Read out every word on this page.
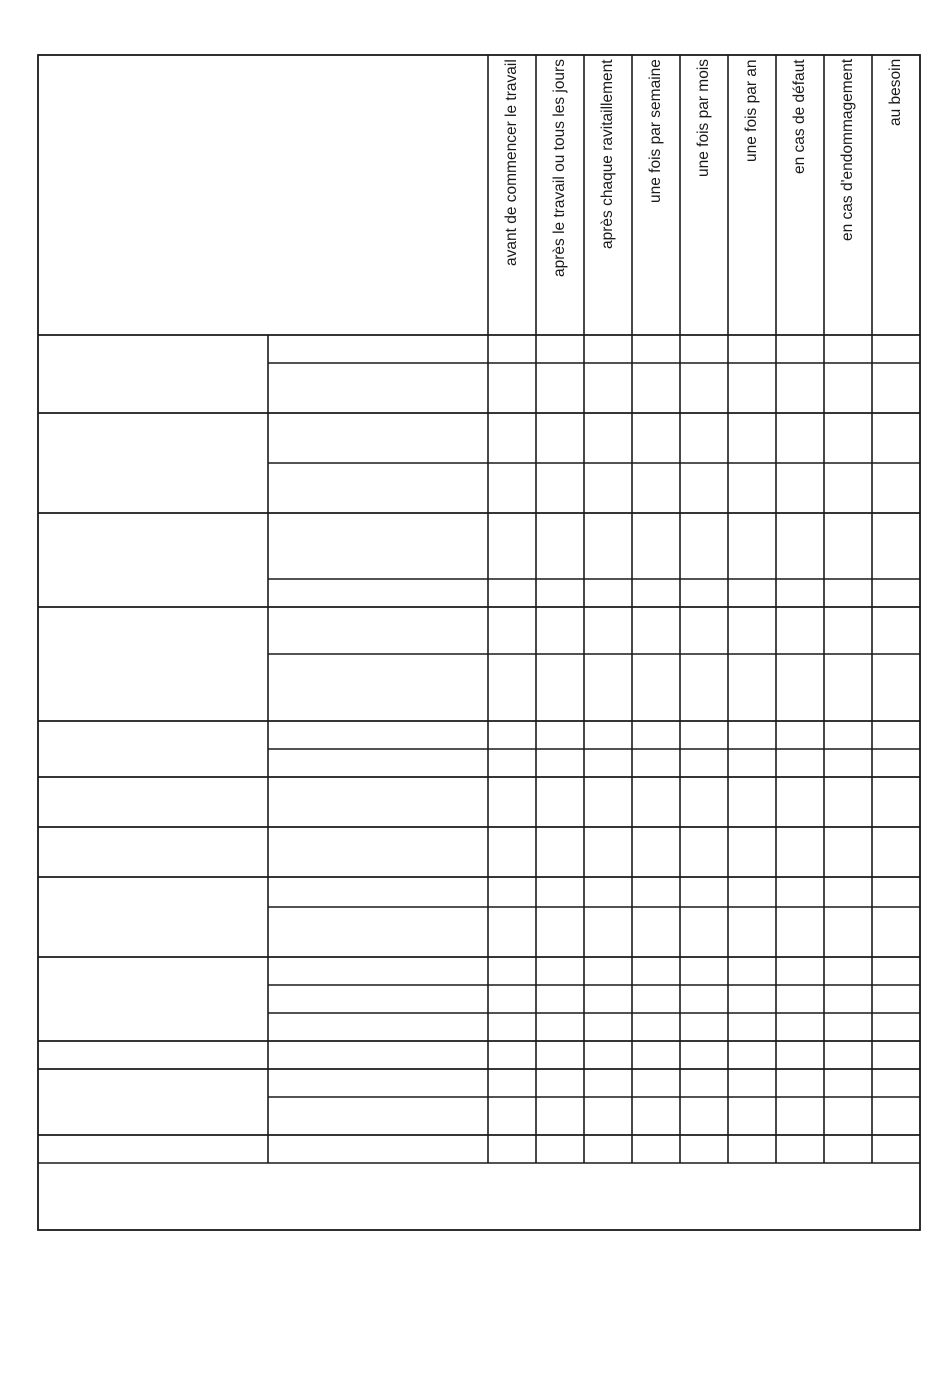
avant de commencer le travail après le travail ou tous les jours après chaque ravitaillement une fois par semaine une fois par mois une fois par an en cas de défaut en cas d'endommagement au besoin
